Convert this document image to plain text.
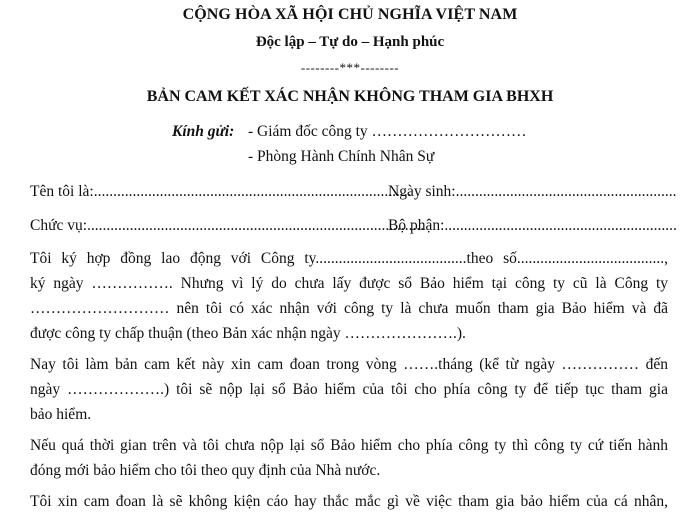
CỘNG HÒA XÃ HỘI CHỦ NGHĨA VIỆT NAM
Độc lập – Tự do – Hạnh phúc
--------***--------
BẢN CAM KẾT XÁC NHẬN KHÔNG THAM GIA BHXH
Kính gửi: - Giám đốc công ty …………………………
- Phòng Hành Chính Nhân Sự
Tên tôi là:..................................................................................
Ngày sinh:.........................................................
Chức vụ:.......................................................................................
Bộ phận:............................................................
Tôi ký hợp đồng lao động với Công ty.......................................theo số......................................,
ký ngày ……………. Nhưng vì lý do chưa lấy được sổ Bảo hiểm tại công ty cũ là Công ty
……………………… nên tôi có xác nhận với công ty là chưa muốn tham gia Bảo hiểm và đã
được công ty chấp thuận (theo Bản xác nhận ngày ………………….).
Nay tôi làm bản cam kết này xin cam đoan trong vòng …….tháng (kể từ ngày …………… đến
ngày ……………….) tôi sẽ nộp lại sổ Bảo hiểm của tôi cho phía công ty để tiếp tục tham gia
bảo hiểm.
Nếu quá thời gian trên và tôi chưa nộp lại sổ Bảo hiểm cho phía công ty thì công ty cứ tiến hành
đóng mới bảo hiểm cho tôi theo quy định của Nhà nước.
Tôi xin cam đoan là sẽ không kiện cáo hay thắc mắc gì về việc tham gia bảo hiểm của cá nhân,
